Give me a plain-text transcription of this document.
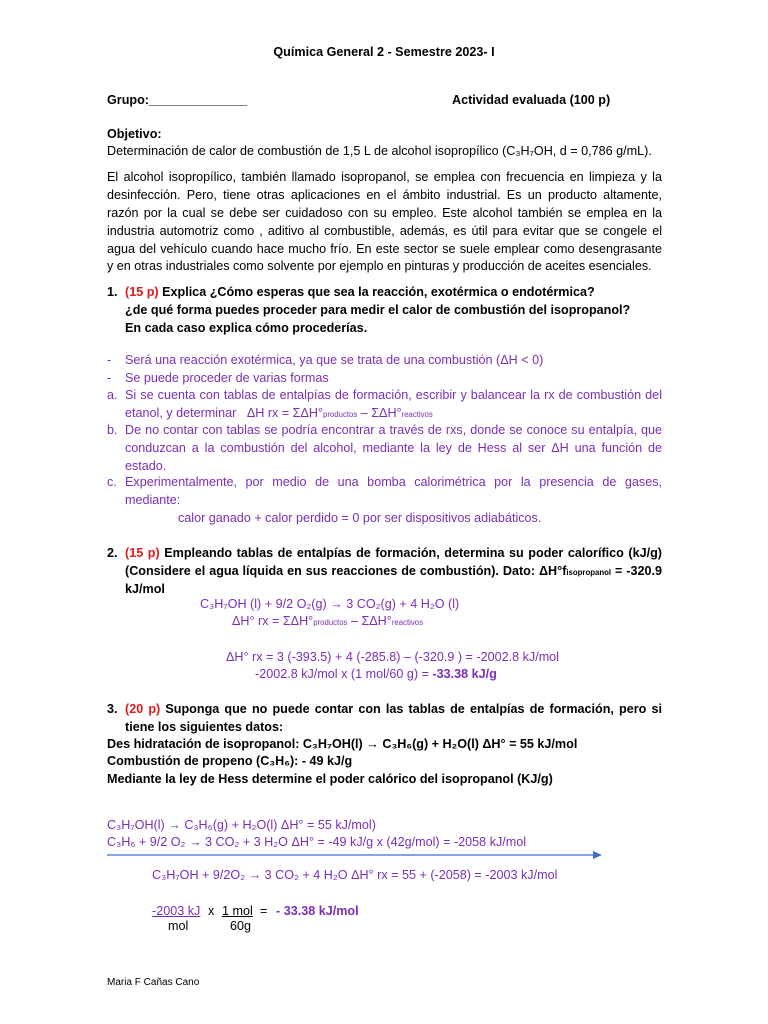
Química General 2 - Semestre 2023- I
Grupo:______________	Actividad evaluada (100 p)
Objetivo:
Determinación de calor de combustión de 1,5 L de alcohol isopropílico (C₃H₇OH, d = 0,786 g/mL).
El alcohol isopropílico, también llamado isopropanol, se emplea con frecuencia en limpieza y la desinfección. Pero, tiene otras aplicaciones en el ámbito industrial. Es un producto altamente, razón por la cual se debe ser cuidadoso con su empleo. Este alcohol también se emplea en la industria automotriz como , aditivo al combustible, además, es útil para evitar que se congele el agua del vehículo cuando hace mucho frío. En este sector se suele emplear como desengrasante y en otras industriales como solvente por ejemplo en pinturas y producción de aceites esenciales.
1. (15 p) Explica ¿Cómo esperas que sea la reacción, exotérmica o endotérmica?
¿de qué forma puedes proceder para medir el calor de combustión del isopropanol?
En cada caso explica cómo procederías.
- Será una reacción exotérmica, ya que se trata de una combustión (ΔH < 0)
- Se puede proceder de varias formas
a. Si se cuenta con tablas de entalpías de formación, escribir y balancear la rx de combustión del etanol, y determinar ΔH rx = ΣΔH°productos – ΣΔH°reactivos
b. De no contar con tablas se podría encontrar a través de rxs, donde se conoce su entalpía, que conduzcan a la combustión del alcohol, mediante la ley de Hess al ser ΔH una función de estado.
c. Experimentalmente, por medio de una bomba calorimétrica por la presencia de gases, mediante:
calor ganado + calor perdido = 0 por ser dispositivos adiabáticos.
2. (15 p) Empleando tablas de entalpías de formación, determina su poder calorífico (kJ/g) (Considere el agua líquida en sus reacciones de combustión). Dato: ΔH°fisopropanol = -320.9 kJ/mol
C₃H₇OH (l) + 9/2 O₂(g) → 3 CO₂(g) + 4 H₂O (l)
ΔH° rx = ΣΔH°productos – ΣΔH°reactivos
ΔH° rx = 3 (-393.5) + 4 (-285.8) – (-320.9 ) = -2002.8 kJ/mol
-2002.8 kJ/mol x (1 mol/60 g) = -33.38 kJ/g
3. (20 p) Suponga que no puede contar con las tablas de entalpías de formación, pero si tiene los siguientes datos:
Des hidratación de isopropanol: C₃H₇OH(l) → C₃H₆(g) + H₂O(l) ΔH° = 55 kJ/mol
Combustión de propeno (C₃H₆): - 49 kJ/g
Mediante la ley de Hess determine el poder calórico del isopropanol (KJ/g)
C₃H₇OH(l) → C₃H₆(g) + H₂O(l) ΔH° = 55 kJ/mol)
C₃H₆ + 9/2 O₂ → 3 CO₂ + 3 H₂O ΔH° = -49 kJ/g x (42g/mol) = -2058 kJ/mol
C₃H₇OH + 9/2O₂ → 3 CO₂ + 4 H₂O ΔH° rx = 55 + (-2058) = -2003 kJ/mol
-2003 kJ
mol
x 1 mol
60g
= - 33.38 kJ/mol
Maria F Cañas Cano
